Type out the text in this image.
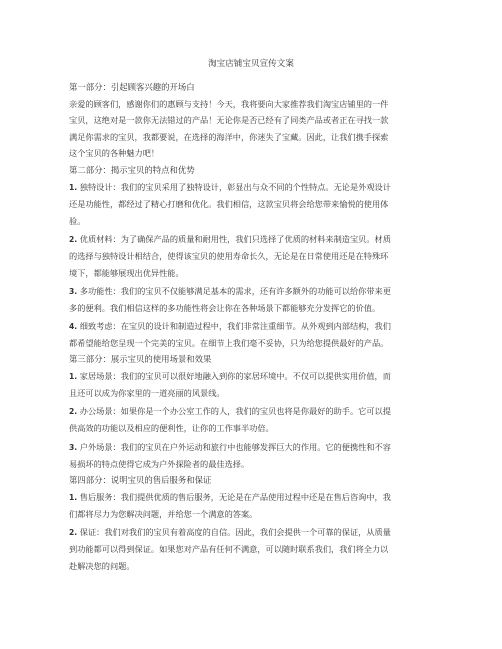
淘宝店铺宝贝宣传文案
第一部分：引起顾客兴趣的开场白

亲爱的顾客们，感谢你们的惠顾与支持！今天，我将要向大家推荐我们淘宝店铺里的一件
宝贝，这绝对是一款你无法错过的产品！无论你是否已经有了同类产品或者正在寻找一款
满足你需求的宝贝，我都要说，在选择的海洋中，你迷失了宝藏。因此，让我们携手探索
这个宝贝的各种魅力吧！

第二部分：揭示宝贝的特点和优势

1. 独特设计：我们的宝贝采用了独特设计，彰显出与众不同的个性特点。无论是外观设计
还是功能性，都经过了精心打磨和优化。我们相信，这款宝贝将会给您带来愉悦的使用体
验。

2. 优质材料：为了确保产品的质量和耐用性，我们只选择了优质的材料来制造宝贝。材质
的选择与独特设计相结合，使得该宝贝的使用寿命长久，无论是在日常使用还是在特殊环
境下，都能够展现出优异性能。

3. 多功能性：我们的宝贝不仅能够满足基本的需求，还有许多额外的功能可以给你带来更
多的便利。我们相信这样的多功能性将会让你在各种场景下都能够充分发挥它的价值。

4. 细致考虑：在宝贝的设计和制造过程中，我们非常注重细节。从外观到内部结构，我们
都希望能给您呈现一个完美的宝贝。在细节上我们毫不妥协，只为给您提供最好的产品。

第三部分：展示宝贝的使用场景和效果

1. 家居场景：我们的宝贝可以很好地融入到你的家居环境中。不仅可以提供实用价值，而
且还可以成为你家里的一道亮丽的风景线。

2. 办公场景：如果你是一个办公室工作的人，我们的宝贝也将是你最好的助手。它可以提
供高效的功能以及相应的便利性，让你的工作事半功倍。

3. 户外场景：我们的宝贝在户外运动和旅行中也能够发挥巨大的作用。它的便携性和不容
易损坏的特点使得它成为户外探险者的最佳选择。

第四部分：说明宝贝的售后服务和保证

1. 售后服务：我们提供优质的售后服务，无论是在产品使用过程中还是在售后咨询中，我
们都将尽力为您解决问题，并给您一个满意的答案。

2. 保证：我们对我们的宝贝有着高度的自信。因此，我们会提供一个可靠的保证，从质量
到功能都可以得到保证。如果您对产品有任何不满意，可以随时联系我们，我们将全力以
赴解决您的问题。
